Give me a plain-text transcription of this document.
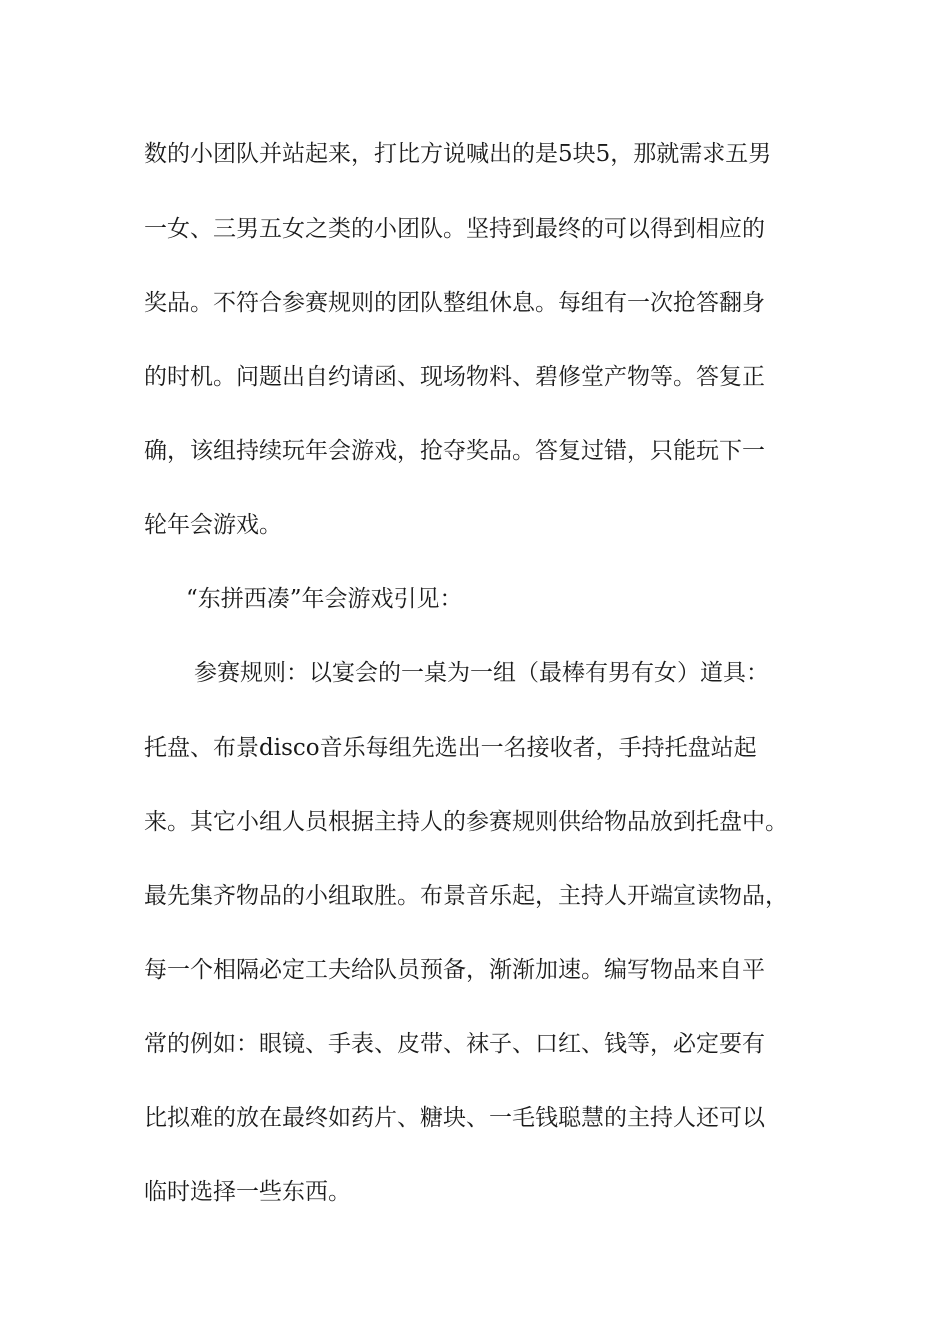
数的小团队并站起来，打比方说喊出的是5块5，那就需求五男
一女、三男五女之类的小团队。坚持到最终的可以得到相应的
奖品。不符合参赛规则的团队整组休息。每组有一次抢答翻身
的时机。问题出自约请函、现场物料、碧修堂产物等。答复正
确，该组持续玩年会游戏，抢夺奖品。答复过错，只能玩下一
轮年会游戏。
“东拼西凑”年会游戏引见：
参赛规则：以宴会的一桌为一组（最棒有男有女）道具：
托盘、布景disco音乐每组先选出一名接收者，手持托盘站起
来。其它小组人员根据主持人的参赛规则供给物品放到托盘中。
最先集齐物品的小组取胜。布景音乐起，主持人开端宣读物品，
每一个相隔必定工夫给队员预备，渐渐加速。编写物品来自平
常的例如：眼镜、手表、皮带、袜子、口红、钱等，必定要有
比拟难的放在最终如药片、糖块、一毛钱聪慧的主持人还可以
临时选择一些东西。
